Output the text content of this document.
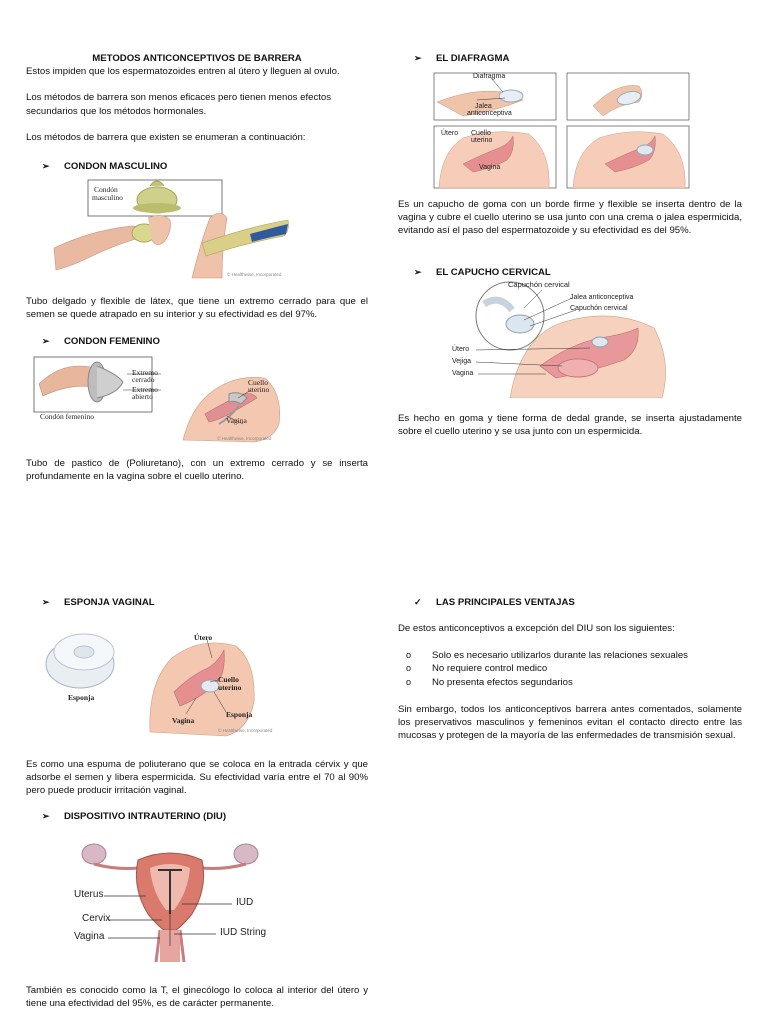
METODOS ANTICONCEPTIVOS DE BARRERA

Estos impiden que los espermatozoides entren al útero y lleguen al ovulo.

Los métodos de barrera son menos eficaces pero tienen menos efectos secundarios que los métodos hormonales.

Los métodos de barrera que existen se enumeran a continuación:

➢	CONDON MASCULINO
Condón
masculino
© Healthwise, Incorporated
Tubo delgado y flexible de látex, que tiene un extremo cerrado para que el semen se quede atrapado en su interior y su efectividad es del 97%.
➢	CONDON FEMENINO
Extremo
cerrado
Extremo
abierto
Cuello
uterino
Vagina
Condón femenino
© Healthwise, Incorporated
Tubo de pastico de (Poliuretano), con un extremo cerrado y se inserta profundamente en la vagina sobre el cuello uterino.
➢	ESPONJA VAGINAL
Esponja
Útero
Cuello
uterino
Esponja
Vagina
© Healthwise, Incorporated
Es como una espuma de poliuterano que se coloca en la entrada cérvix y que adsorbe el semen y libera espermicida. Su efectividad varía entre el 70 al 90% pero puede producir irritación vaginal.
➢	DISPOSITIVO INTRAUTERINO (DIU)
Uterus
Cervix
Vagina
IUD
IUD String
También es conocido como la T, el ginecólogo lo coloca al interior del útero y tiene una efectividad del 95%, es de carácter permanente.
➢	EL DIAFRAGMA
Diafragma
Jalea
anticonceptiva
Útero Cuello
uterino
Vagina
Es un capucho de goma con un borde firme y flexible se inserta dentro de la vagina y cubre el cuello uterino se usa junto con una crema o jalea espermicida, evitando así el paso del espermatozoide y su efectividad es del 95%.
➢	EL CAPUCHO CERVICAL
Capuchón cervical
Jalea anticonceptiva
Capuchón cervical
Útero
Vejiga
Vagina
Es hecho en goma y tiene forma de dedal grande, se inserta ajustadamente sobre el cuello uterino y se usa junto con un espermicida.
✓	LAS PRINCIPALES VENTAJAS

De estos anticonceptivos a excepción del DIU son los siguientes:

o	Solo es necesario utilizarlos durante las relaciones sexuales
o	No requiere control medico
o	No presenta efectos segundarios

Sin embargo, todos los anticonceptivos barrera antes comentados, solamente los preservativos masculinos y femeninos evitan el contacto directo entre las mucosas y protegen de la mayoría de las enfermedades de transmisión sexual.
